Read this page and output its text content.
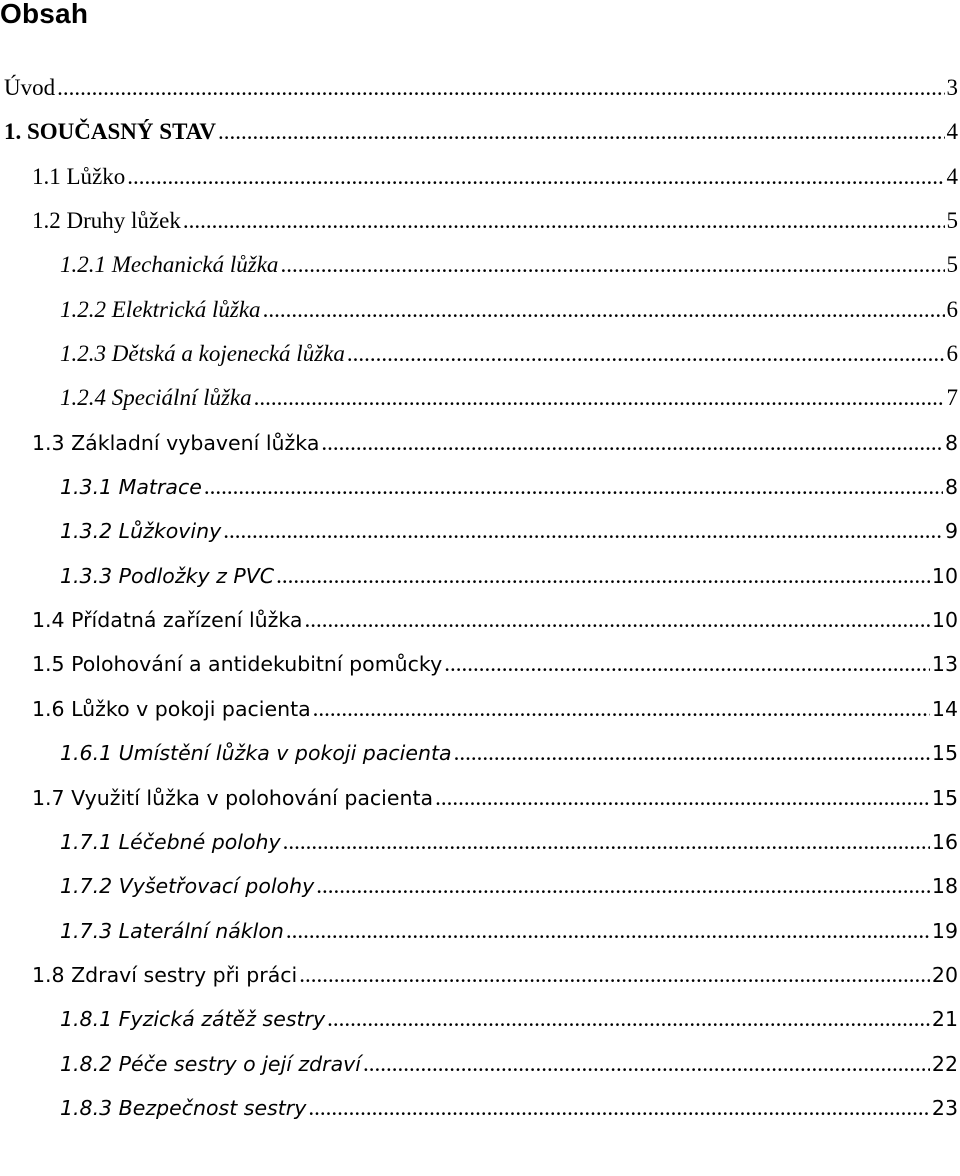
Obsah
Úvod .....	3
1. SOUČASNÝ STAV .....	4
1.1 Lůžko .....	4
1.2 Druhy lůžek .....	5
1.2.1 Mechanická lůžka .....	5
1.2.2 Elektrická lůžka .....	6
1.2.3 Dětská a kojenecká lůžka .....	6
1.2.4 Speciální lůžka .....	7
1.3 Základní vybavení lůžka .....	8
1.3.1 Matrace .....	8
1.3.2 Lůžkoviny .....	9
1.3.3 Podložky z PVC .....	10
1.4 Přídatná zařízení lůžka .....	10
1.5 Polohování a antidekubitní pomůcky .....	13
1.6 Lůžko v pokoji pacienta .....	14
1.6.1 Umístění lůžka v pokoji pacienta .....	15
1.7 Využití lůžka v polohování pacienta .....	15
1.7.1 Léčebné polohy .....	16
1.7.2 Vyšetřovací polohy .....	18
1.7.3 Laterální náklon .....	19
1.8 Zdraví sestry při práci .....	20
1.8.1 Fyzická zátěž sestry .....	21
1.8.2 Péče sestry o její zdraví .....	22
1.8.3 Bezpečnost sestry .....	23
